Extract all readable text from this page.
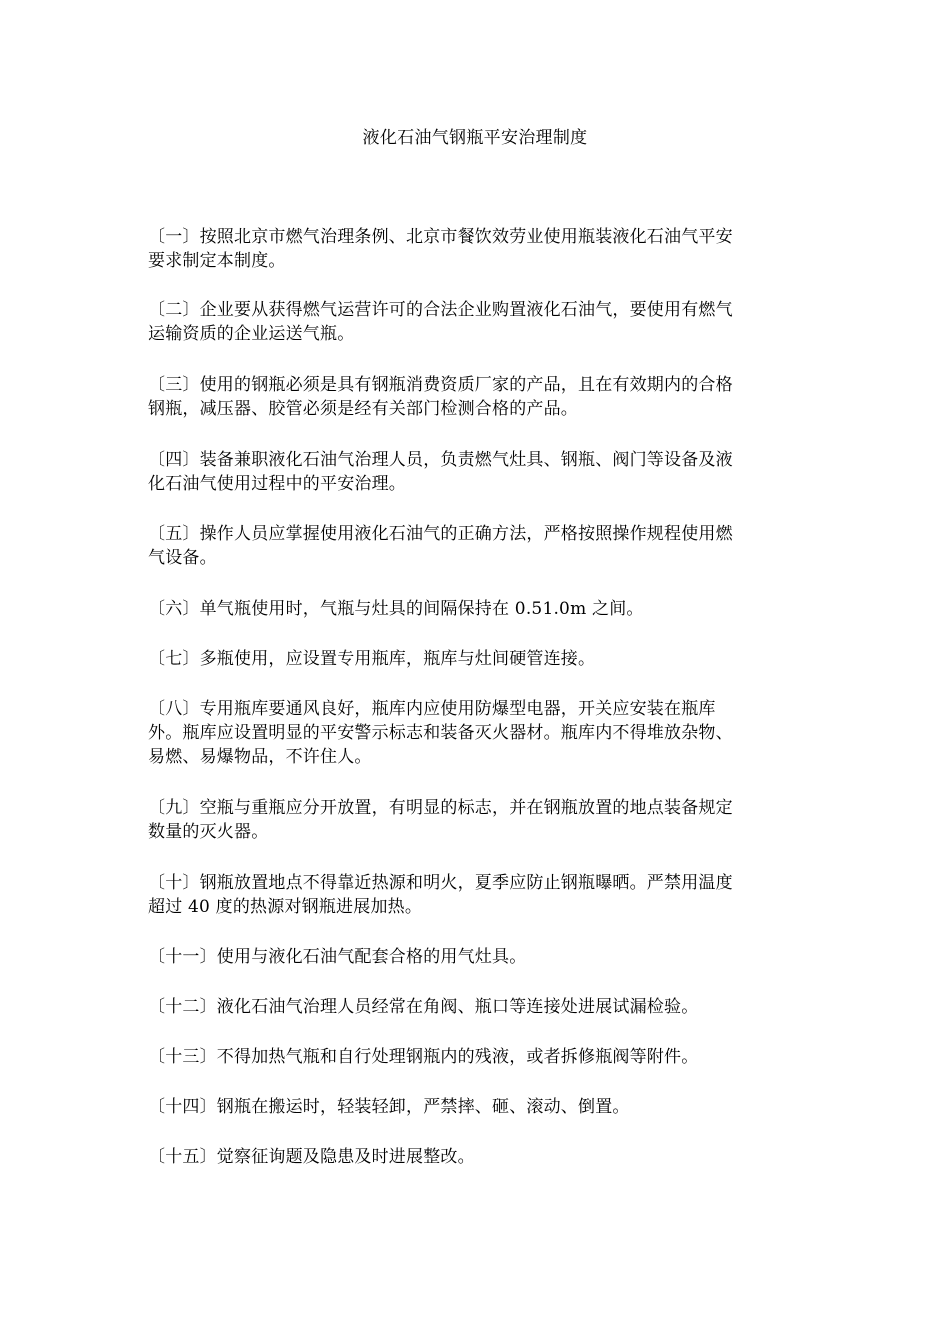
液化石油气钢瓶平安治理制度
〔一〕按照北京市燃气治理条例、北京市餐饮效劳业使用瓶装液化石油气平安
要求制定本制度。
〔二〕企业要从获得燃气运营许可的合法企业购置液化石油气，要使用有燃气
运输资质的企业运送气瓶。
〔三〕使用的钢瓶必须是具有钢瓶消费资质厂家的产品，且在有效期内的合格
钢瓶，减压器、胶管必须是经有关部门检测合格的产品。
〔四〕装备兼职液化石油气治理人员，负责燃气灶具、钢瓶、阀门等设备及液
化石油气使用过程中的平安治理。
〔五〕操作人员应掌握使用液化石油气的正确方法，严格按照操作规程使用燃
气设备。
〔六〕单气瓶使用时，气瓶与灶具的间隔保持在 0.51.0m 之间。
〔七〕多瓶使用，应设置专用瓶库，瓶库与灶间硬管连接。
〔八〕专用瓶库要通风良好，瓶库内应使用防爆型电器，开关应安装在瓶库
外。瓶库应设置明显的平安警示标志和装备灭火器材。瓶库内不得堆放杂物、
易燃、易爆物品，不许住人。
〔九〕空瓶与重瓶应分开放置，有明显的标志，并在钢瓶放置的地点装备规定
数量的灭火器。
〔十〕钢瓶放置地点不得靠近热源和明火，夏季应防止钢瓶曝晒。严禁用温度
超过 40 度的热源对钢瓶进展加热。
〔十一〕使用与液化石油气配套合格的用气灶具。
〔十二〕液化石油气治理人员经常在角阀、瓶口等连接处进展试漏检验。
〔十三〕不得加热气瓶和自行处理钢瓶内的残液，或者拆修瓶阀等附件。
〔十四〕钢瓶在搬运时，轻装轻卸，严禁摔、砸、滚动、倒置。
〔十五〕觉察征询题及隐患及时进展整改。
